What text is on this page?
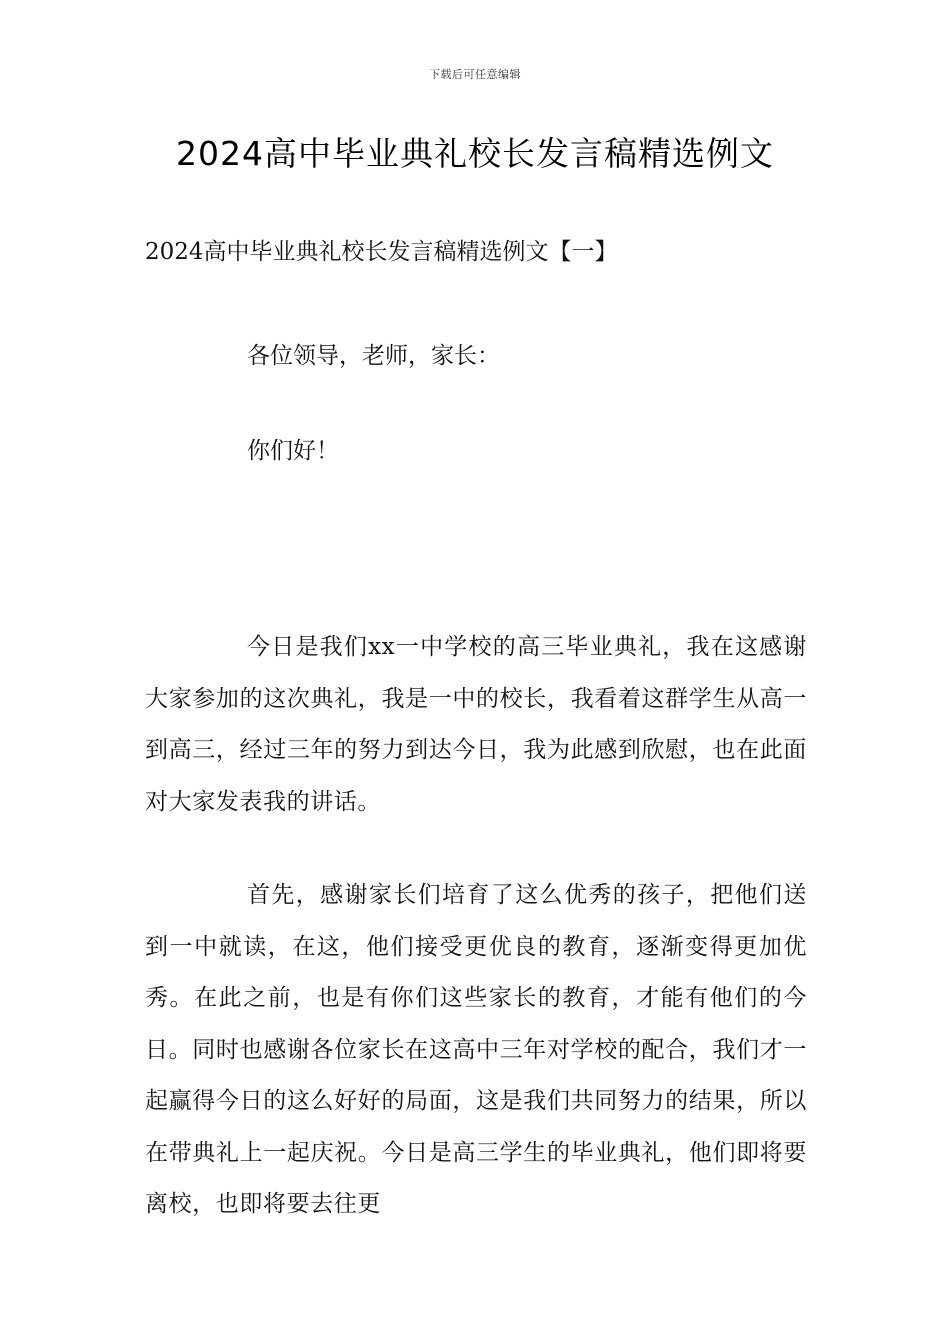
下载后可任意编辑
2024高中毕业典礼校长发言稿精选例文

2024高中毕业典礼校长发言稿精选例文【一】

各位领导，老师，家长：

你们好！

今日是我们xx一中学校的高三毕业典礼，我在这感谢大家参加的这次典礼，我是一中的校长，我看着这群学生从高一到高三，经过三年的努力到达今日，我为此感到欣慰，也在此面对大家发表我的讲话。

首先，感谢家长们培育了这么优秀的孩子，把他们送到一中就读，在这，他们接受更优良的教育，逐渐变得更加优秀。在此之前，也是有你们这些家长的教育，才能有他们的今日。同时也感谢各位家长在这高中三年对学校的配合，我们才一起赢得今日的这么好好的局面，这是我们共同努力的结果，所以在带典礼上一起庆祝。今日是高三学生的毕业典礼，他们即将要离校，也即将要去往更
